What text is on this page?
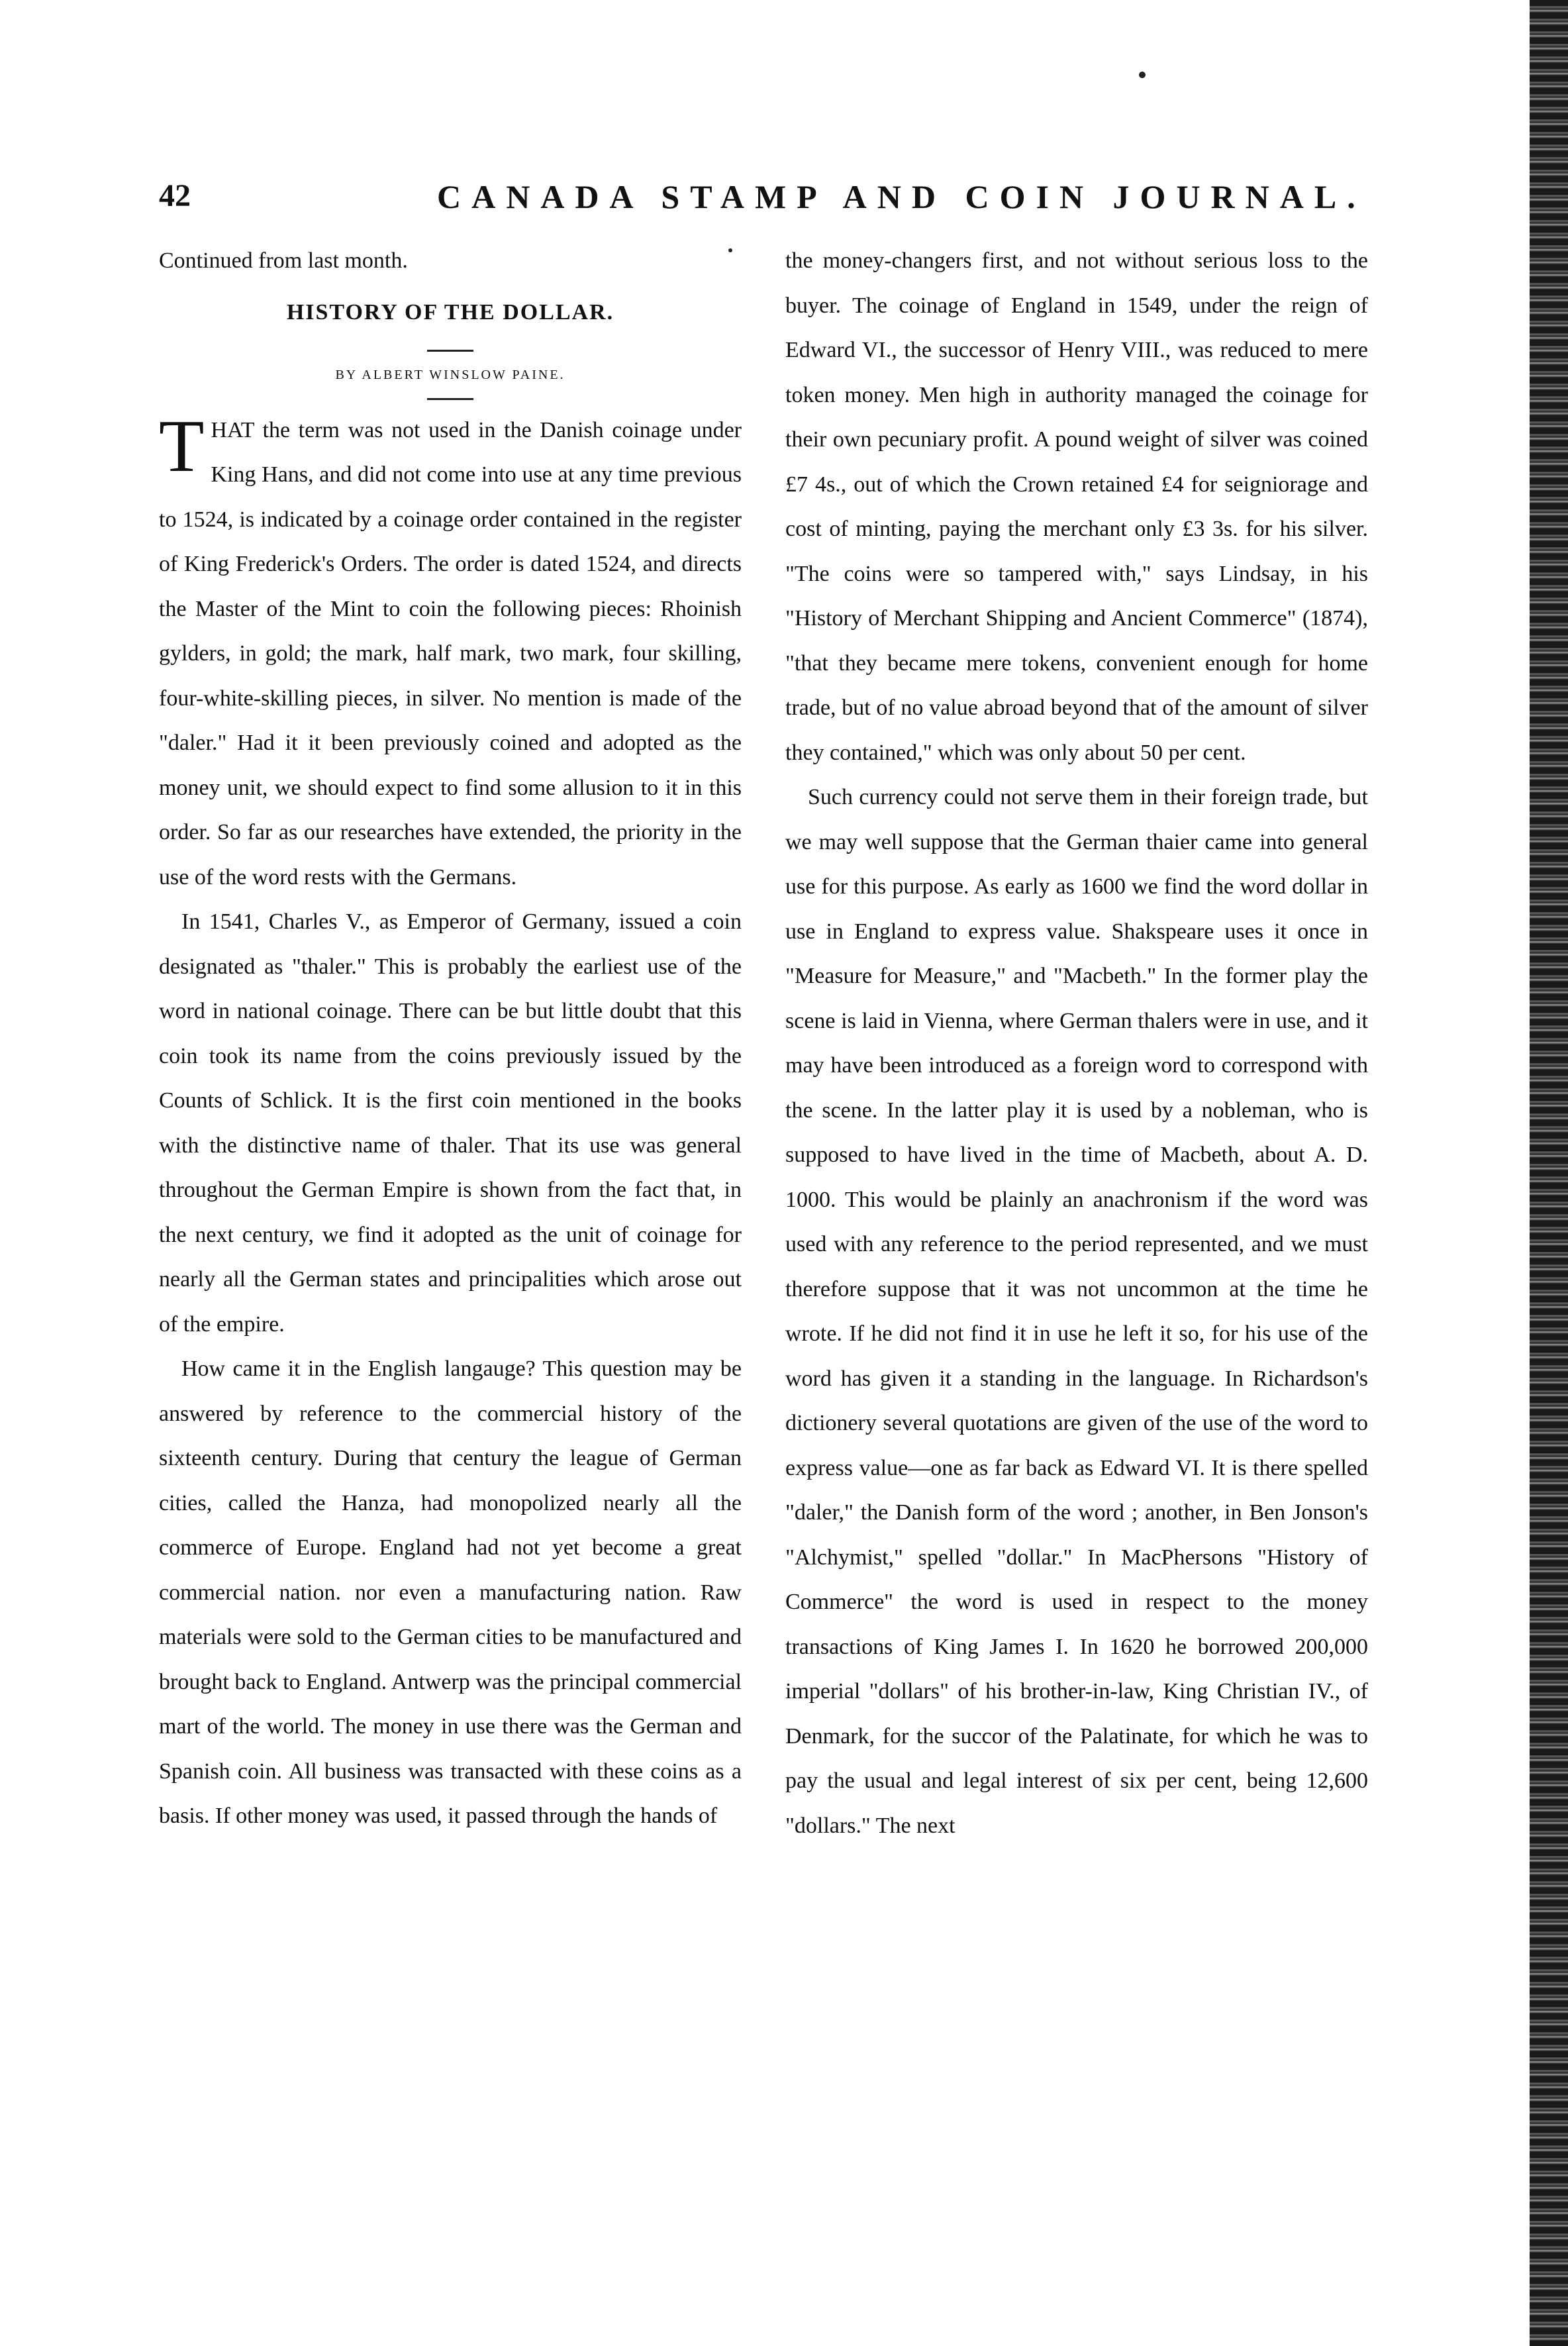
42	CANADA STAMP AND COIN JOURNAL.

Continued from last month.

HISTORY OF THE DOLLAR.

BY ALBERT WINSLOW PAINE.

THAT the term was not used in the Danish coinage under King Hans, and did not come into use at any time previous to 1524, is indicated by a coinage order contained in the register of King Frederick's Orders. The order is dated 1524, and directs the Master of the Mint to coin the following pieces: Rhoinish gylders, in gold; the mark, half mark, two mark, four skilling, four-white-skilling pieces, in silver. No mention is made of the "daler." Had it it been previously coined and adopted as the money unit, we should expect to find some allusion to it in this order. So far as our researches have extended, the priority in the use of the word rests with the Germans.

In 1541, Charles V., as Emperor of Germany, issued a coin designated as "thaler." This is probably the earliest use of the word in national coinage. There can be but little doubt that this coin took its name from the coins previously issued by the Counts of Schlick. It is the first coin mentioned in the books with the distinctive name of thaler. That its use was general throughout the German Empire is shown from the fact that, in the next century, we find it adopted as the unit of coinage for nearly all the German states and principalities which arose out of the empire.

How came it in the English langauge? This question may be answered by reference to the commercial history of the sixteenth century. During that century the league of German cities, called the Hanza, had monopolized nearly all the commerce of Europe. England had not yet become a great commercial nation. nor even a manufacturing nation. Raw materials were sold to the German cities to be manufactured and brought back to England. Antwerp was the principal commercial mart of the world. The money in use there was the German and Spanish coin. All business was transacted with these coins as a basis. If other money was used, it passed through the hands of

the money-changers first, and not without serious loss to the buyer. The coinage of England in 1549, under the reign of Edward VI., the successor of Henry VIII., was reduced to mere token money. Men high in authority managed the coinage for their own pecuniary profit. A pound weight of silver was coined £7 4s., out of which the Crown retained £4 for seigniorage and cost of minting, paying the merchant only £3 3s. for his silver. "The coins were so tampered with," says Lindsay, in his "History of Merchant Shipping and Ancient Commerce" (1874), "that they became mere tokens, convenient enough for home trade, but of no value abroad beyond that of the amount of silver they contained," which was only about 50 per cent.

Such currency could not serve them in their foreign trade, but we may well suppose that the German thaier came into general use for this purpose. As early as 1600 we find the word dollar in use in England to express value. Shakspeare uses it once in "Measure for Measure," and "Macbeth." In the former play the scene is laid in Vienna, where German thalers were in use, and it may have been introduced as a foreign word to correspond with the scene. In the latter play it is used by a nobleman, who is supposed to have lived in the time of Macbeth, about A. D. 1000. This would be plainly an anachronism if the word was used with any reference to the period represented, and we must therefore suppose that it was not uncommon at the time he wrote. If he did not find it in use he left it so, for his use of the word has given it a standing in the language. In Richardson's dictionery several quotations are given of the use of the word to express value—one as far back as Edward VI. It is there spelled "daler," the Danish form of the word ; another, in Ben Jonson's "Alchymist," spelled "dollar." In MacPhersons "History of Commerce" the word is used in respect to the money transactions of King James I. In 1620 he borrowed 200,000 imperial "dollars" of his brother-in-law, King Christian IV., of Denmark, for the succor of the Palatinate, for which he was to pay the usual and legal interest of six per cent, being 12,600 "dollars." The next
